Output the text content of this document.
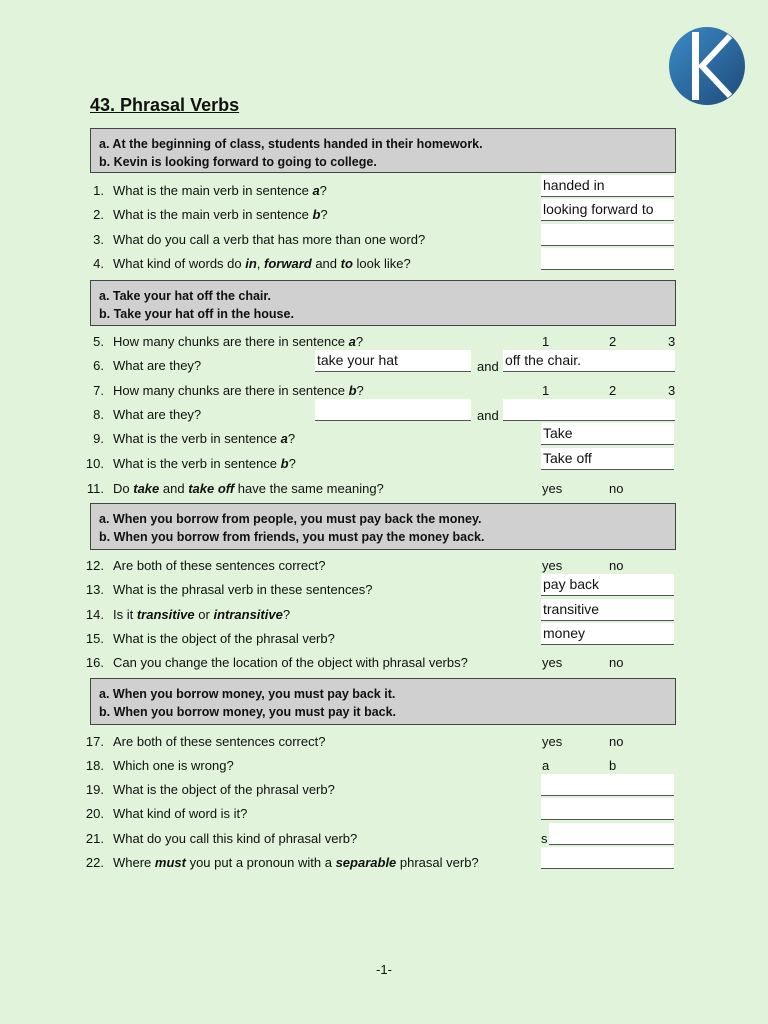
43. Phrasal Verbs
a. At the beginning of class, students handed in their homework.
b. Kevin is looking forward to going to college.
1. What is the main verb in sentence a?	handed in
2. What is the main verb in sentence b?	looking forward to
3. What do you call a verb that has more than one word?
4. What kind of words do in, forward and to look like?
a. Take your hat off the chair.
b. Take your hat off in the house.
5. How many chunks are there in sentence a?	1	2	3
6. What are they?	take your hat	and off the chair.
7. How many chunks are there in sentence b?	1	2	3
8. What are they?	and
9. What is the verb in sentence a?	Take
10. What is the verb in sentence b?	Take off
11. Do take and take off have the same meaning?	yes	no
a. When you borrow from people, you must pay back the money.
b. When you borrow from friends, you must pay the money back.
12. Are both of these sentences correct?	yes	no
13. What is the phrasal verb in these sentences?	pay back
14. Is it transitive or intransitive?	transitive
15. What is the object of the phrasal verb?	money
16. Can you change the location of the object with phrasal verbs?	yes	no
a. When you borrow money, you must pay back it.
b. When you borrow money, you must pay it back.
17. Are both of these sentences correct?	yes	no
18. Which one is wrong?	a	b
19. What is the object of the phrasal verb?
20. What kind of word is it?
21. What do you call this kind of phrasal verb?	s
22. Where must you put a pronoun with a separable phrasal verb?
-1-
